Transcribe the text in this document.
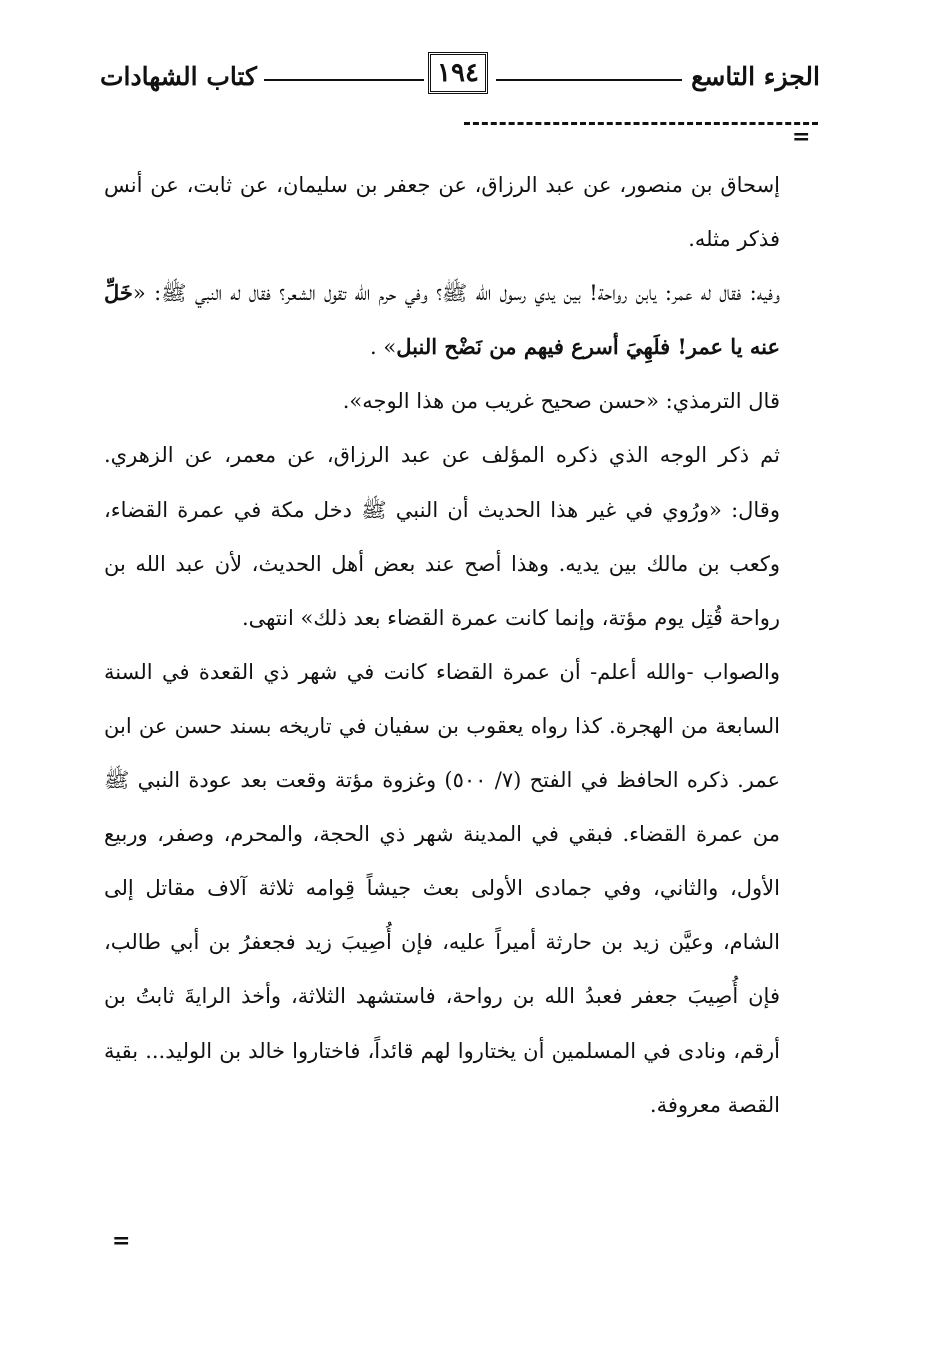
الجزء التاسع
١٩٤
كتاب الشهادات
=

إسحاق بن منصور، عن عبد الرزاق، عن جعفر بن سليمان، عن ثابت، عن أنس فذكر مثله.

وفيه: فقال له عمر: يابن رواحة! بين يدي رسول الله ﷺ؟ وفي حرم الله تقول الشعر؟ فقال له النبي ﷺ: «خَلِّ عنه يا عمر! فلَهِيَ أسرع فيهم من نَضْح النبل» .

قال الترمذي: «حسن صحيح غريب من هذا الوجه».

ثم ذكر الوجه الذي ذكره المؤلف عن عبد الرزاق، عن معمر، عن الزهري. وقال: «ورُوي في غير هذا الحديث أن النبي ﷺ دخل مكة في عمرة القضاء، وكعب بن مالك بين يديه. وهذا أصح عند بعض أهل الحديث، لأن عبد الله بن رواحة قُتِل يوم مؤتة، وإنما كانت عمرة القضاء بعد ذلك» انتهى.

والصواب -والله أعلم- أن عمرة القضاء كانت في شهر ذي القعدة في السنة السابعة من الهجرة. كذا رواه يعقوب بن سفيان في تاريخه بسند حسن عن ابن عمر. ذكره الحافظ في الفتح (٧/ ٥٠٠) وغزوة مؤتة وقعت بعد عودة النبي ﷺ من عمرة القضاء. فبقي في المدينة شهر ذي الحجة، والمحرم، وصفر، وربيع الأول، والثاني، وفي جمادى الأولى بعث جيشاً قِوامه ثلاثة آلاف مقاتل إلى الشام، وعيَّن زيد بن حارثة أميراً عليه، فإن أُصِيبَ زيد فجعفرُ بن أبي طالب، فإن أُصِيبَ جعفر فعبدُ الله بن رواحة، فاستشهد الثلاثة، وأخذ الرايةَ ثابتُ بن أرقم، ونادى في المسلمين أن يختاروا لهم قائداً، فاختاروا خالد بن الوليد... بقية القصة معروفة.

=
